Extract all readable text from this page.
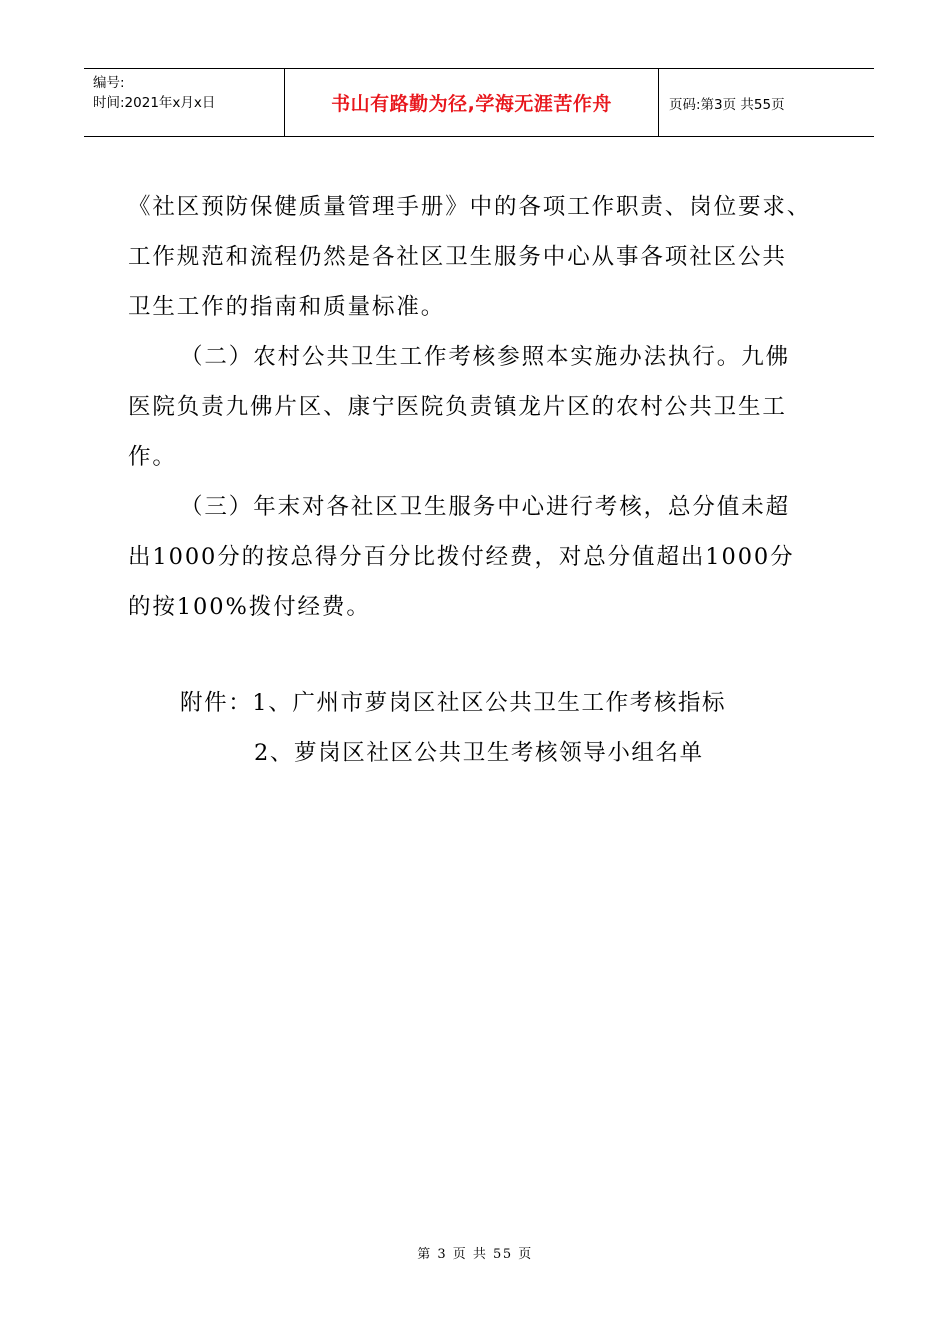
编号:
时间:2021年x月x日	书山有路勤为径,学海无涯苦作舟	页码:第3页 共55页
《社区预防保健质量管理手册》中的各项工作职责、岗位要求、
工作规范和流程仍然是各社区卫生服务中心从事各项社区公共
卫生工作的指南和质量标准。
（二）农村公共卫生工作考核参照本实施办法执行。九佛
医院负责九佛片区、康宁医院负责镇龙片区的农村公共卫生工
作。
（三）年末对各社区卫生服务中心进行考核，总分值未超
出1000分的按总得分百分比拨付经费，对总分值超出1000分
的按100%拨付经费。
附件：1、广州市萝岗区社区公共卫生工作考核指标
2、萝岗区社区公共卫生考核领导小组名单
第 3 页 共 55 页
